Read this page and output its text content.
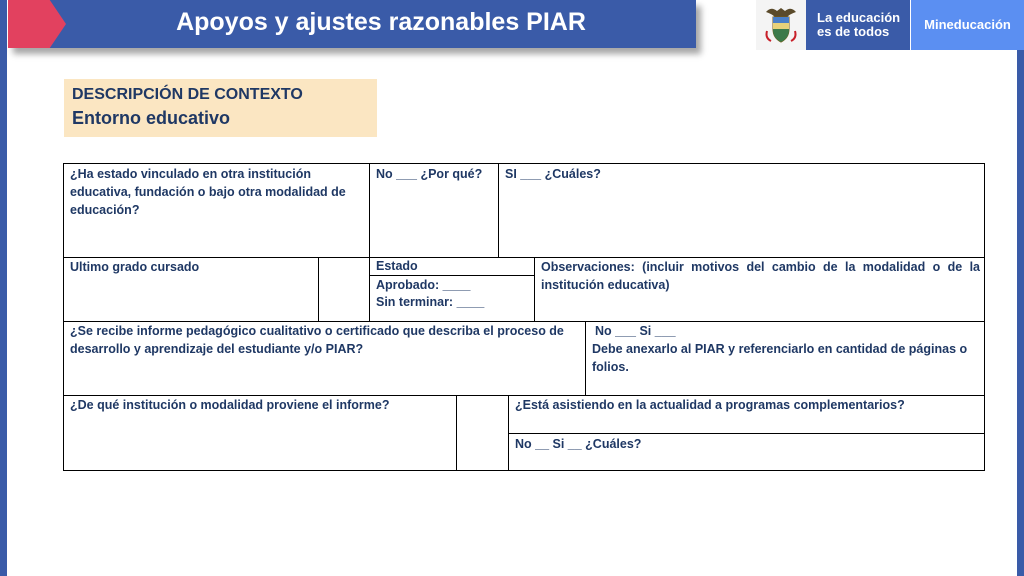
Apoyos y ajustes razonables PIAR	La educación
es de todos	Mineducación
DESCRIPCIÓN DE CONTEXTO
Entorno educativo
¿Ha estado vinculado en otra institución educativa, fundación o bajo otra modalidad de educación?
No ___ ¿Por qué?	SI ___ ¿Cuáles?
Ultimo grado cursado	Estado
Aprobado: ____
Sin terminar: ____
Observaciones: (incluir motivos del cambio de la modalidad o de la institución educativa)
¿Se recibe informe pedagógico cualitativo o certificado que describa el proceso de desarrollo y aprendizaje del estudiante y/o PIAR?
No ___ Si ___
Debe anexarlo al PIAR y referenciarlo en cantidad de páginas o folios.
¿De qué institución o modalidad proviene el informe?	¿Está asistiendo en la actualidad a programas complementarios?
No __ Si __ ¿Cuáles?
